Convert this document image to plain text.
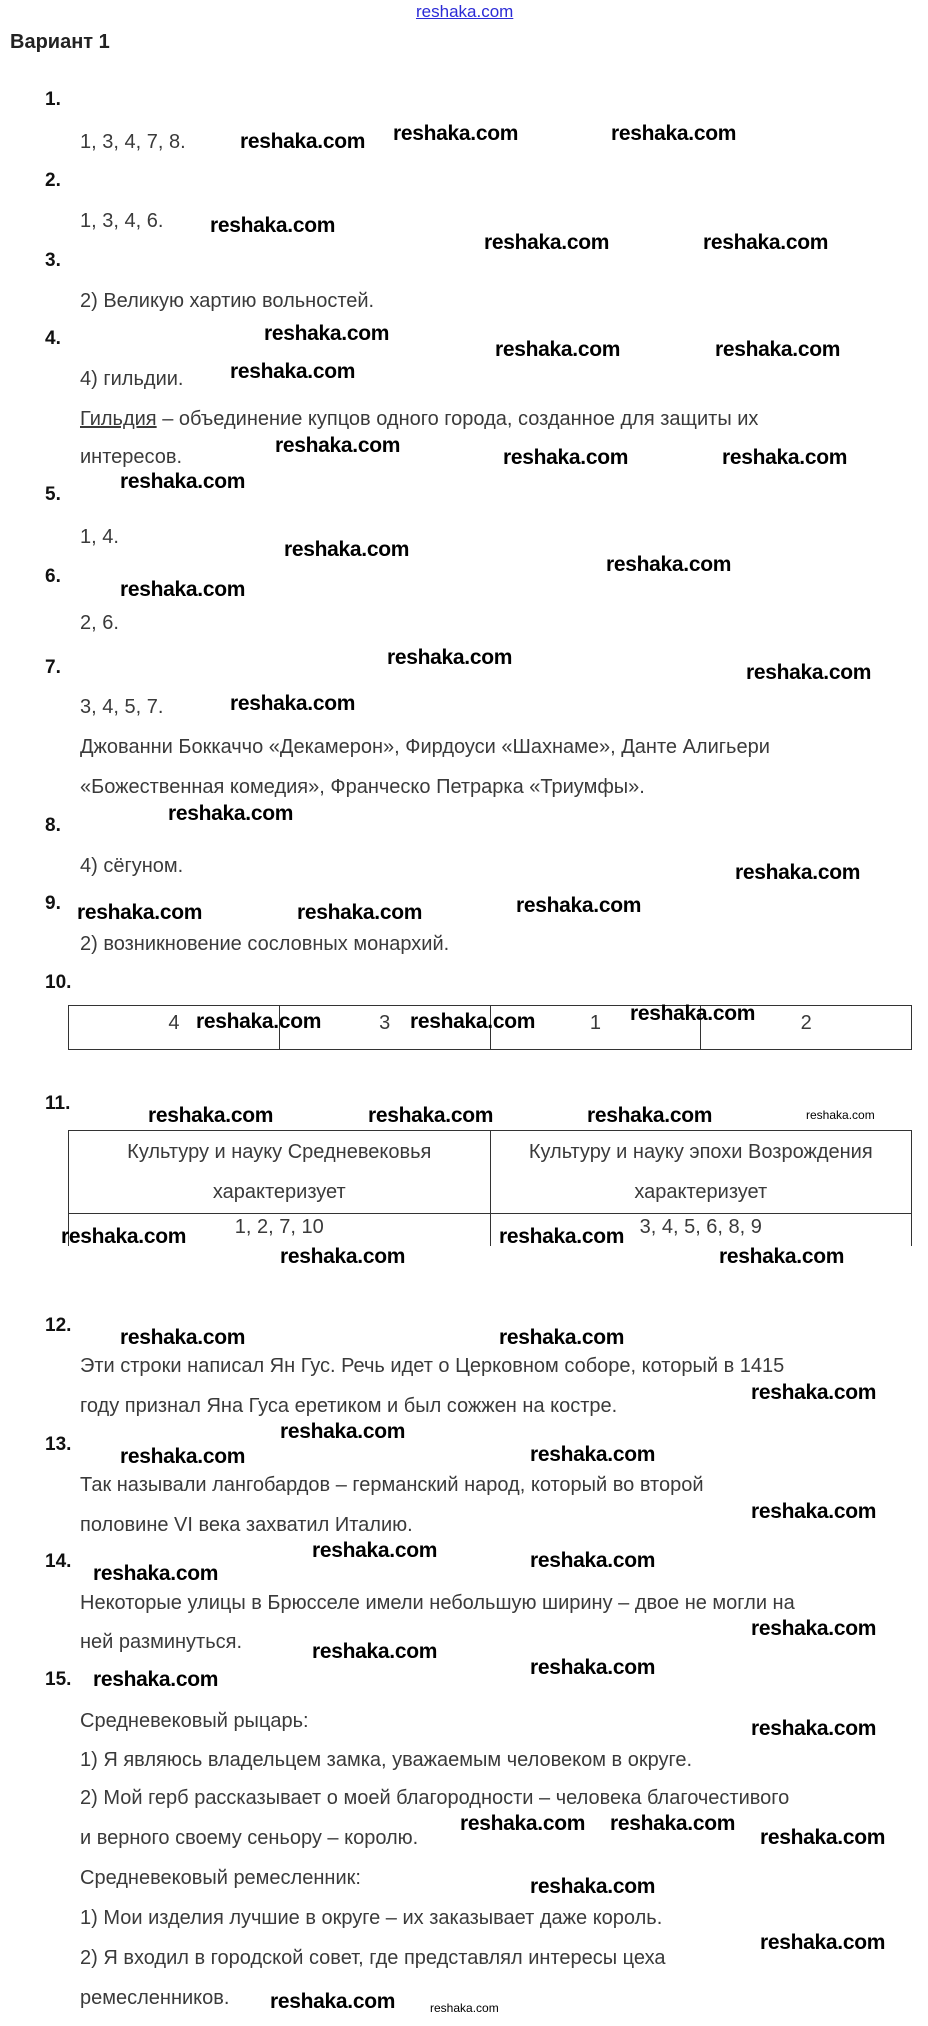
reshaka.com
Вариант 1
1.
2.
3.
4.
5.
6.
7.
8.
9.
10.
11.
12.
13.
14.
15.
1, 3, 4, 7, 8.
1, 3, 4, 6.
2) Великую хартию вольностей.
4) гильдии.
Гильдия – объединение купцов одного города, созданное для защиты их
интересов.
1, 4.
2, 6.
3, 4, 5, 7.
Джованни Боккаччо «Декамерон», Фирдоуси «Шахнаме», Данте Алигьери
«Божественная комедия», Франческо Петрарка «Триумфы».
4) сёгуном.
2) возникновение сословных монархий.
4	3	1	2
Культуру и науку Средневековья характеризует	Культуру и науку эпохи Возрождения характеризует
1, 2, 7, 10	3, 4, 5, 6, 8, 9
Эти строки написал Ян Гус. Речь идет о Церковном соборе, который в 1415
году признал Яна Гуса еретиком и был сожжен на костре.
Так называли лангобардов – германский народ, который во второй
половине VI века захватил Италию.
Некоторые улицы в Брюсселе имели небольшую ширину – двое не могли на
ней разминуться.
Средневековый рыцарь:
1) Я являюсь владельцем замка, уважаемым человеком в округе.
2) Мой герб рассказывает о моей благородности – человека благочестивого
и верного своему сеньору – королю.
Средневековый ремесленник:
1) Мои изделия лучшие в округе – их заказывает даже король.
2) Я входил в городской совет, где представлял интересы цеха
ремесленников.
reshaka.com reshaka.com	reshaka.com
reshaka.com
reshaka.com	reshaka.com
reshaka.com
reshaka.com
reshaka.com	reshaka.com
reshaka.com
reshaka.com	reshaka.com
reshaka.com
reshaka.com
reshaka.com
reshaka.com
reshaka.com
reshaka.com
reshaka.com
reshaka.com
reshaka.com
reshaka.com	reshaka.com	reshaka.com
reshaka.com	reshaka.com	reshaka.com
reshaka.com
reshaka.com	reshaka.com	reshaka.com
reshaka.com
reshaka.com
reshaka.com
reshaka.com
reshaka.com	reshaka.com
reshaka.com
reshaka.com
reshaka.com	reshaka.com
reshaka.com
reshaka.com
reshaka.com
reshaka.com
reshaka.com
reshaka.com
reshaka.com
reshaka.com
reshaka.com
reshaka.com reshaka.com
reshaka.com
reshaka.com
reshaka.com	reshaka.com
reshaka.com
